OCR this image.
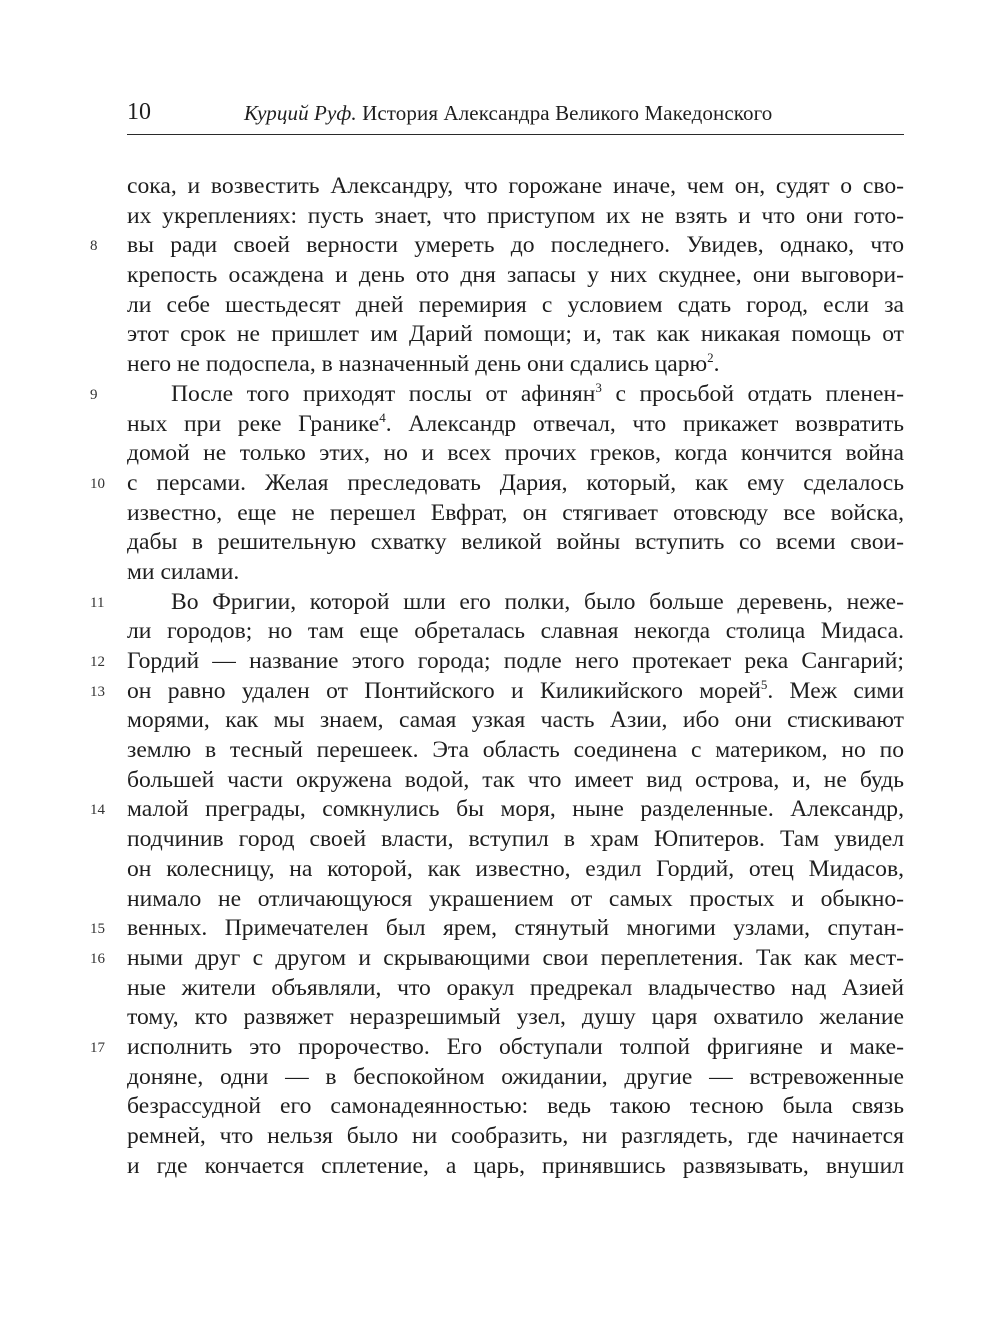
10	Курций Руф. История Александра Великого Македонского
сока, и возвестить Александру, что горожане иначе, чем он, судят о сво-
их укреплениях: пусть знает, что приступом их не взять и что они гото-
8 вы ради своей верности умереть до последнего. Увидев, однако, что
крепость осаждена и день ото дня запасы у них скуднее, они выговори-
ли себе шестьдесят дней перемирия с условием сдать город, если за
этот срок не пришлет им Дарий помощи; и, так как никакая помощь от
него не подоспела, в назначенный день они сдались царю$^2$.
9	После того приходят послы от афинян$^3$ с просьбой отдать пленен-
ных при реке Гранике$^4$. Александр отвечал, что прикажет возвратить
домой не только этих, но и всех прочих греков, когда кончится война
10 с персами. Желая преследовать Дария, который, как ему сделалось
известно, еще не перешел Евфрат, он стягивает отовсюду все войска,
дабы в решительную схватку великой войны вступить со всеми свои-
ми силами.
11	Во Фригии, которой шли его полки, было больше деревень, неже-
ли городов; но там еще обреталась славная некогда столица Мидаса.
12 Гордий — название этого города; подле него протекает река Сангарий;
13 он равно удален от Понтийского и Киликийского морей$^5$. Меж сими
морями, как мы знаем, самая узкая часть Азии, ибо они стискивают
землю в тесный перешеек. Эта область соединена с материком, но по
большей части окружена водой, так что имеет вид острова, и, не будь
14 малой преграды, сомкнулись бы моря, ныне разделенные. Александр,
подчинив город своей власти, вступил в храм Юпитеров. Там увидел
он колесницу, на которой, как известно, ездил Гордий, отец Мидасов,
нимало не отличающуюся украшением от самых простых и обыкно-
15 венных. Примечателен был ярем, стянутый многими узлами, спутан-
16 ными друг с другом и скрывающими свои переплетения. Так как мест-
ные жители объявляли, что оракул предрекал владычество над Азией
тому, кто развяжет неразрешимый узел, душу царя охватило желание
17 исполнить это пророчество. Его обступали толпой фригияне и маке-
доняне, одни — в беспокойном ожидании, другие — встревоженные
безрассудной его самонадеянностью: ведь такою тесною была связь
ремней, что нельзя было ни сообразить, ни разглядеть, где начинается
и где кончается сплетение, а царь, принявшись развязывать, внушил
